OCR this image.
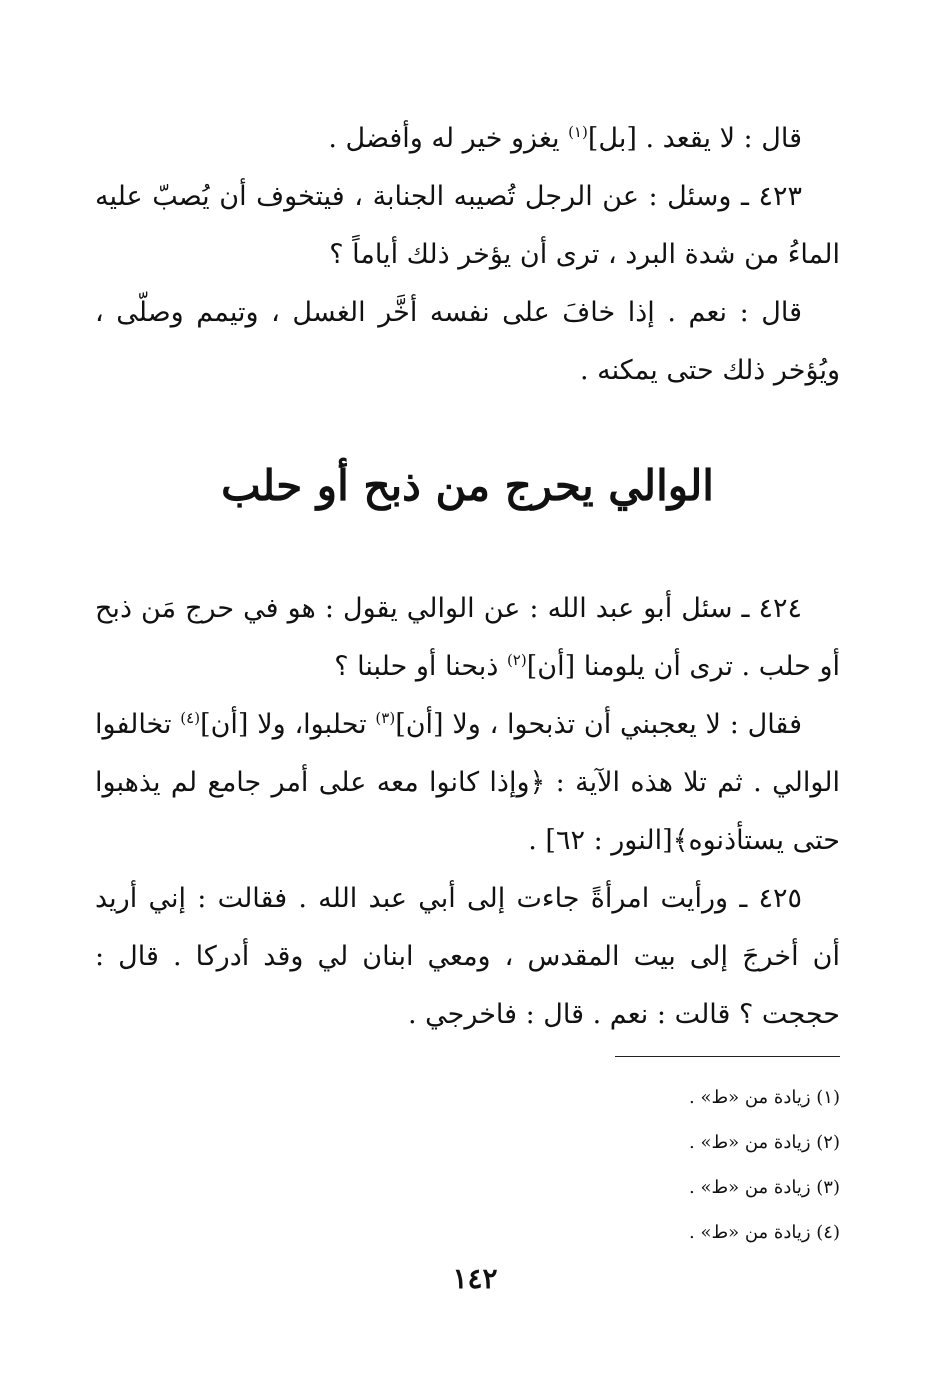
قال : لا يقعد . [بل]$^{(١)}$ يغزو خير له وأفضل .

٤٢٣ ـ وسئل : عن الرجل تُصيبه الجنابة ، فيتخوف أن يُصبّ عليه الماءُ من شدة البرد ، ترى أن يؤخر ذلك أياماً ؟

قال : نعم . إذا خافَ على نفسه أخَّر الغسل ، وتيمم وصلّى ، ويُؤخر ذلك حتى يمكنه .

الوالي يحرج من ذبح أو حلب

٤٢٤ ـ سئل أبو عبد الله : عن الوالي يقول : هو في حرج مَن ذبح أو حلب . ترى أن يلومنا [أن]$^{(٢)}$ ذبحنا أو حلبنا ؟

فقال : لا يعجبني أن تذبحوا ، ولا [أن]$^{(٣)}$ تحلبوا، ولا [أن]$^{(٤)}$ تخالفوا الوالي . ثم تلا هذه الآية : ﴿وإذا كانوا معه على أمر جامع لم يذهبوا حتى يستأذنوه﴾[النور : ٦٢] .

٤٢٥ ـ ورأيت امرأةً جاءت إلى أبي عبد الله . فقالت : إني أريد أن أخرجَ إلى بيت المقدس ، ومعي ابنان لي وقد أدركا . قال : حججت ؟ قالت : نعم . قال : فاخرجي .

(١) زيادة من «ط» .

(٢) زيادة من «ط» .

(٣) زيادة من «ط» .

(٤) زيادة من «ط» .

١٤٢
